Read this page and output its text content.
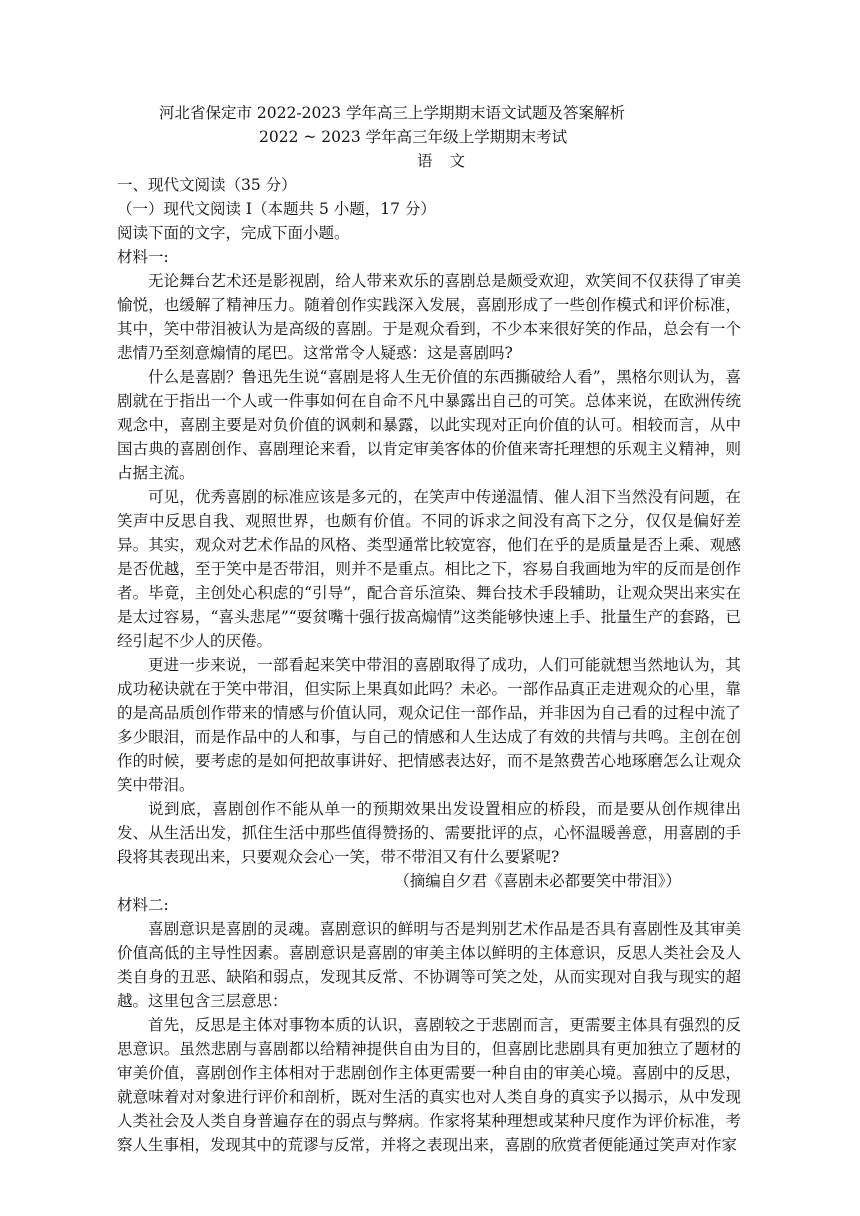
河北省保定市 2022-2023 学年高三上学期期末语文试题及答案解析

2022 ~ 2023 学年高三年级上学期期末考试

语 文

一、现代文阅读（35 分）

（一）现代文阅读 I（本题共 5 小题，17 分）

阅读下面的文字，完成下面小题。

材料一:

无论舞台艺术还是影视剧，给人带来欢乐的喜剧总是颇受欢迎，欢笑间不仅获得了审美愉悦，也缓解了精神压力。随着创作实践深入发展，喜剧形成了一些创作模式和评价标准，其中，笑中带泪被认为是高级的喜剧。于是观众看到，不少本来很好笑的作品，总会有一个悲情乃至刻意煽情的尾巴。这常常令人疑惑：这是喜剧吗?

什么是喜剧？鲁迅先生说“喜剧是将人生无价值的东西撕破给人看”，黑格尔则认为，喜剧就在于指出一个人或一件事如何在自命不凡中暴露出自己的可笑。总体来说，在欧洲传统观念中，喜剧主要是对负价值的讽刺和暴露，以此实现对正向价值的认可。相较而言，从中国古典的喜剧创作、喜剧理论来看，以肯定审美客体的价值来寄托理想的乐观主义精神，则占据主流。

可见，优秀喜剧的标准应该是多元的，在笑声中传递温情、催人泪下当然没有问题，在笑声中反思自我、观照世界，也颇有价值。不同的诉求之间没有高下之分，仅仅是偏好差异。其实，观众对艺术作品的风格、类型通常比较宽容，他们在乎的是质量是否上乘、观感是否优越，至于笑中是否带泪，则并不是重点。相比之下，容易自我画地为牢的反而是创作者。毕竟，主创处心积虑的“引导”，配合音乐渲染、舞台技术手段辅助，让观众哭出来实在是太过容易，“喜头悲尾”“耍贫嘴十强行拔高煽情”这类能够快速上手、批量生产的套路，已经引起不少人的厌倦。

更进一步来说，一部看起来笑中带泪的喜剧取得了成功，人们可能就想当然地认为，其成功秘诀就在于笑中带泪，但实际上果真如此吗？未必。一部作品真正走进观众的心里，靠的是高品质创作带来的情感与价值认同，观众记住一部作品，并非因为自己看的过程中流了多少眼泪，而是作品中的人和事，与自己的情感和人生达成了有效的共情与共鸣。主创在创作的时候，要考虑的是如何把故事讲好、把情感表达好，而不是煞费苦心地琢磨怎么让观众笑中带泪。

说到底，喜剧创作不能从单一的预期效果出发设置相应的桥段，而是要从创作规律出发、从生活出发，抓住生活中那些值得赞扬的、需要批评的点，心怀温暖善意，用喜剧的手段将其表现出来，只要观众会心一笑，带不带泪又有什么要紧呢?

（摘编自夕君《喜剧未必都要笑中带泪》）

材料二:

喜剧意识是喜剧的灵魂。喜剧意识的鲜明与否是判别艺术作品是否具有喜剧性及其审美价值高低的主导性因素。喜剧意识是喜剧的审美主体以鲜明的主体意识，反思人类社会及人类自身的丑恶、缺陷和弱点，发现其反常、不协调等可笑之处，从而实现对自我与现实的超越。这里包含三层意思：

首先，反思是主体对事物本质的认识，喜剧较之于悲剧而言，更需要主体具有强烈的反思意识。虽然悲剧与喜剧都以给精神提供自由为目的，但喜剧比悲剧具有更加独立了题材的审美价值，喜剧创作主体相对于悲剧创作主体更需要一种自由的审美心境。喜剧中的反思，就意味着对对象进行评价和剖析，既对生活的真实也对人类自身的真实予以揭示，从中发现人类社会及人类自身普遍存在的弱点与弊病。作家将某种理想或某种尺度作为评价标准，考察人生事相，发现其中的荒谬与反常，并将之表现出来，喜剧的欣赏者便能通过笑声对作家
